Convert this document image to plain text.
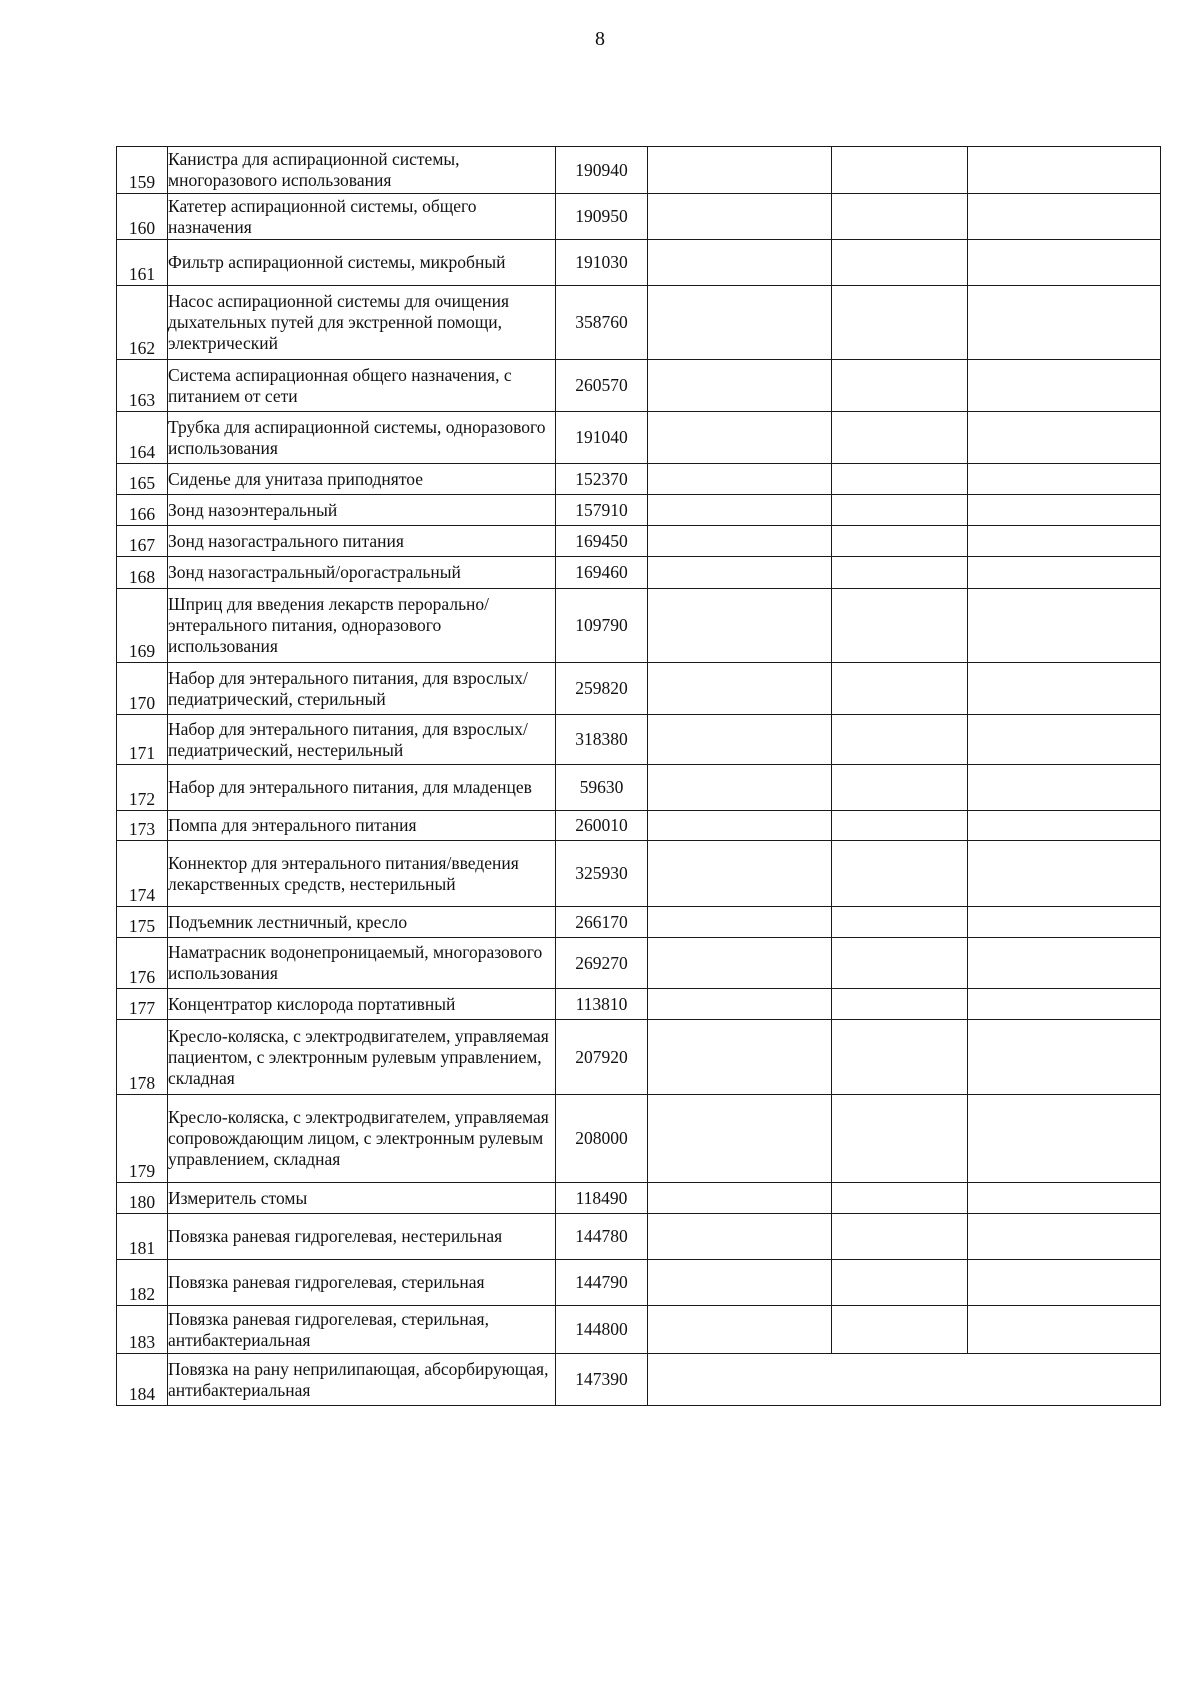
8
159	Канистра для аспирационной системы, многоразового использования	190940			
160	Катетер аспирационной системы, общего назначения	190950			
161	Фильтр аспирационной системы, микробный	191030			
162	Насос аспирационной системы для очищения дыхательных путей для экстренной помощи, электрический	358760			
163	Система аспирационная общего назначения, с питанием от сети	260570			
164	Трубка для аспирационной системы, одноразового использования	191040			
165	Сиденье для унитаза приподнятое	152370			
166	Зонд назоэнтеральный	157910			
167	Зонд назогастрального питания	169450			
168	Зонд назогастральный/орогастральный	169460			
169	Шприц для введения лекарств перорально/энтерального питания, одноразового использования	109790			
170	Набор для энтерального питания, для взрослых/педиатрический, стерильный	259820			
171	Набор для энтерального питания, для взрослых/педиатрический, нестерильный	318380			
172	Набор для энтерального питания, для младенцев	59630			
173	Помпа для энтерального питания	260010			
174	Коннектор для энтерального питания/введения лекарственных средств, нестерильный	325930			
175	Подъемник лестничный, кресло	266170			
176	Наматрасник водонепроницаемый, многоразового использования	269270			
177	Концентратор кислорода портативный	113810			
178	Кресло-коляска, с электродвигателем, управляемая пациентом, с электронным рулевым управлением, складная	207920			
179	Кресло-коляска, с электродвигателем, управляемая сопровождающим лицом, с электронным рулевым управлением, складная	208000			
180	Измеритель стомы	118490			
181	Повязка раневая гидрогелевая, нестерильная	144780			
182	Повязка раневая гидрогелевая, стерильная	144790			
183	Повязка раневая гидрогелевая, стерильная, антибактериальная	144800			
184	Повязка на рану неприлипающая, абсорбирующая, антибактериальная	147390			
